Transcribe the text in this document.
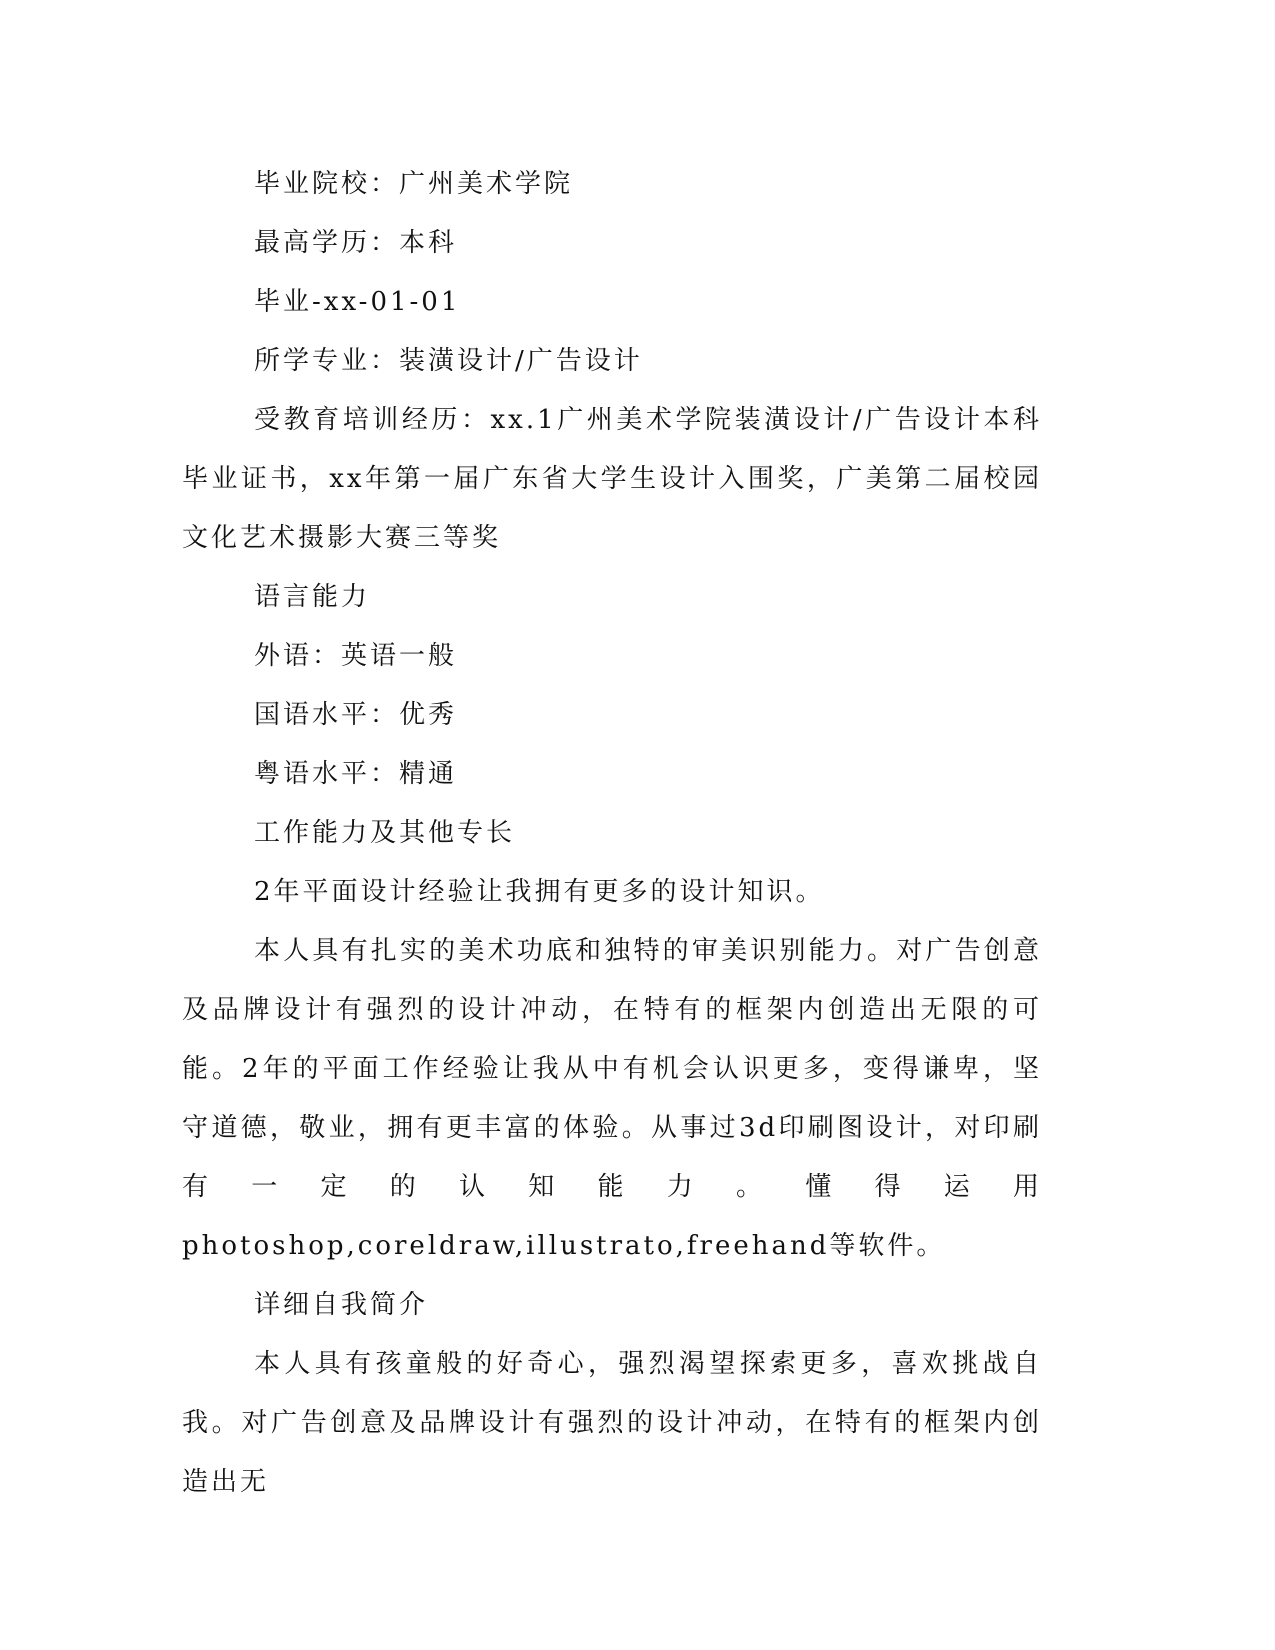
毕业院校：广州美术学院

最高学历：本科

毕业-xx-01-01

所学专业：装潢设计/广告设计

受教育培训经历：xx.1广州美术学院装潢设计/广告设计本科毕业证书，xx年第一届广东省大学生设计入围奖，广美第二届校园文化艺术摄影大赛三等奖

语言能力

外语：英语一般

国语水平：优秀

粤语水平：精通

工作能力及其他专长

2年平面设计经验让我拥有更多的设计知识。

本人具有扎实的美术功底和独特的审美识别能力。对广告创意及品牌设计有强烈的设计冲动，在特有的框架内创造出无限的可能。2年的平面工作经验让我从中有机会认识更多，变得谦卑，坚守道德，敬业，拥有更丰富的体验。从事过3d印刷图设计，对印刷有一定的认知能力。懂得运用photoshop,coreldraw,illustrato,freehand等软件。

详细自我简介

本人具有孩童般的好奇心，强烈渴望探索更多，喜欢挑战自我。对广告创意及品牌设计有强烈的设计冲动，在特有的框架内创造出无
